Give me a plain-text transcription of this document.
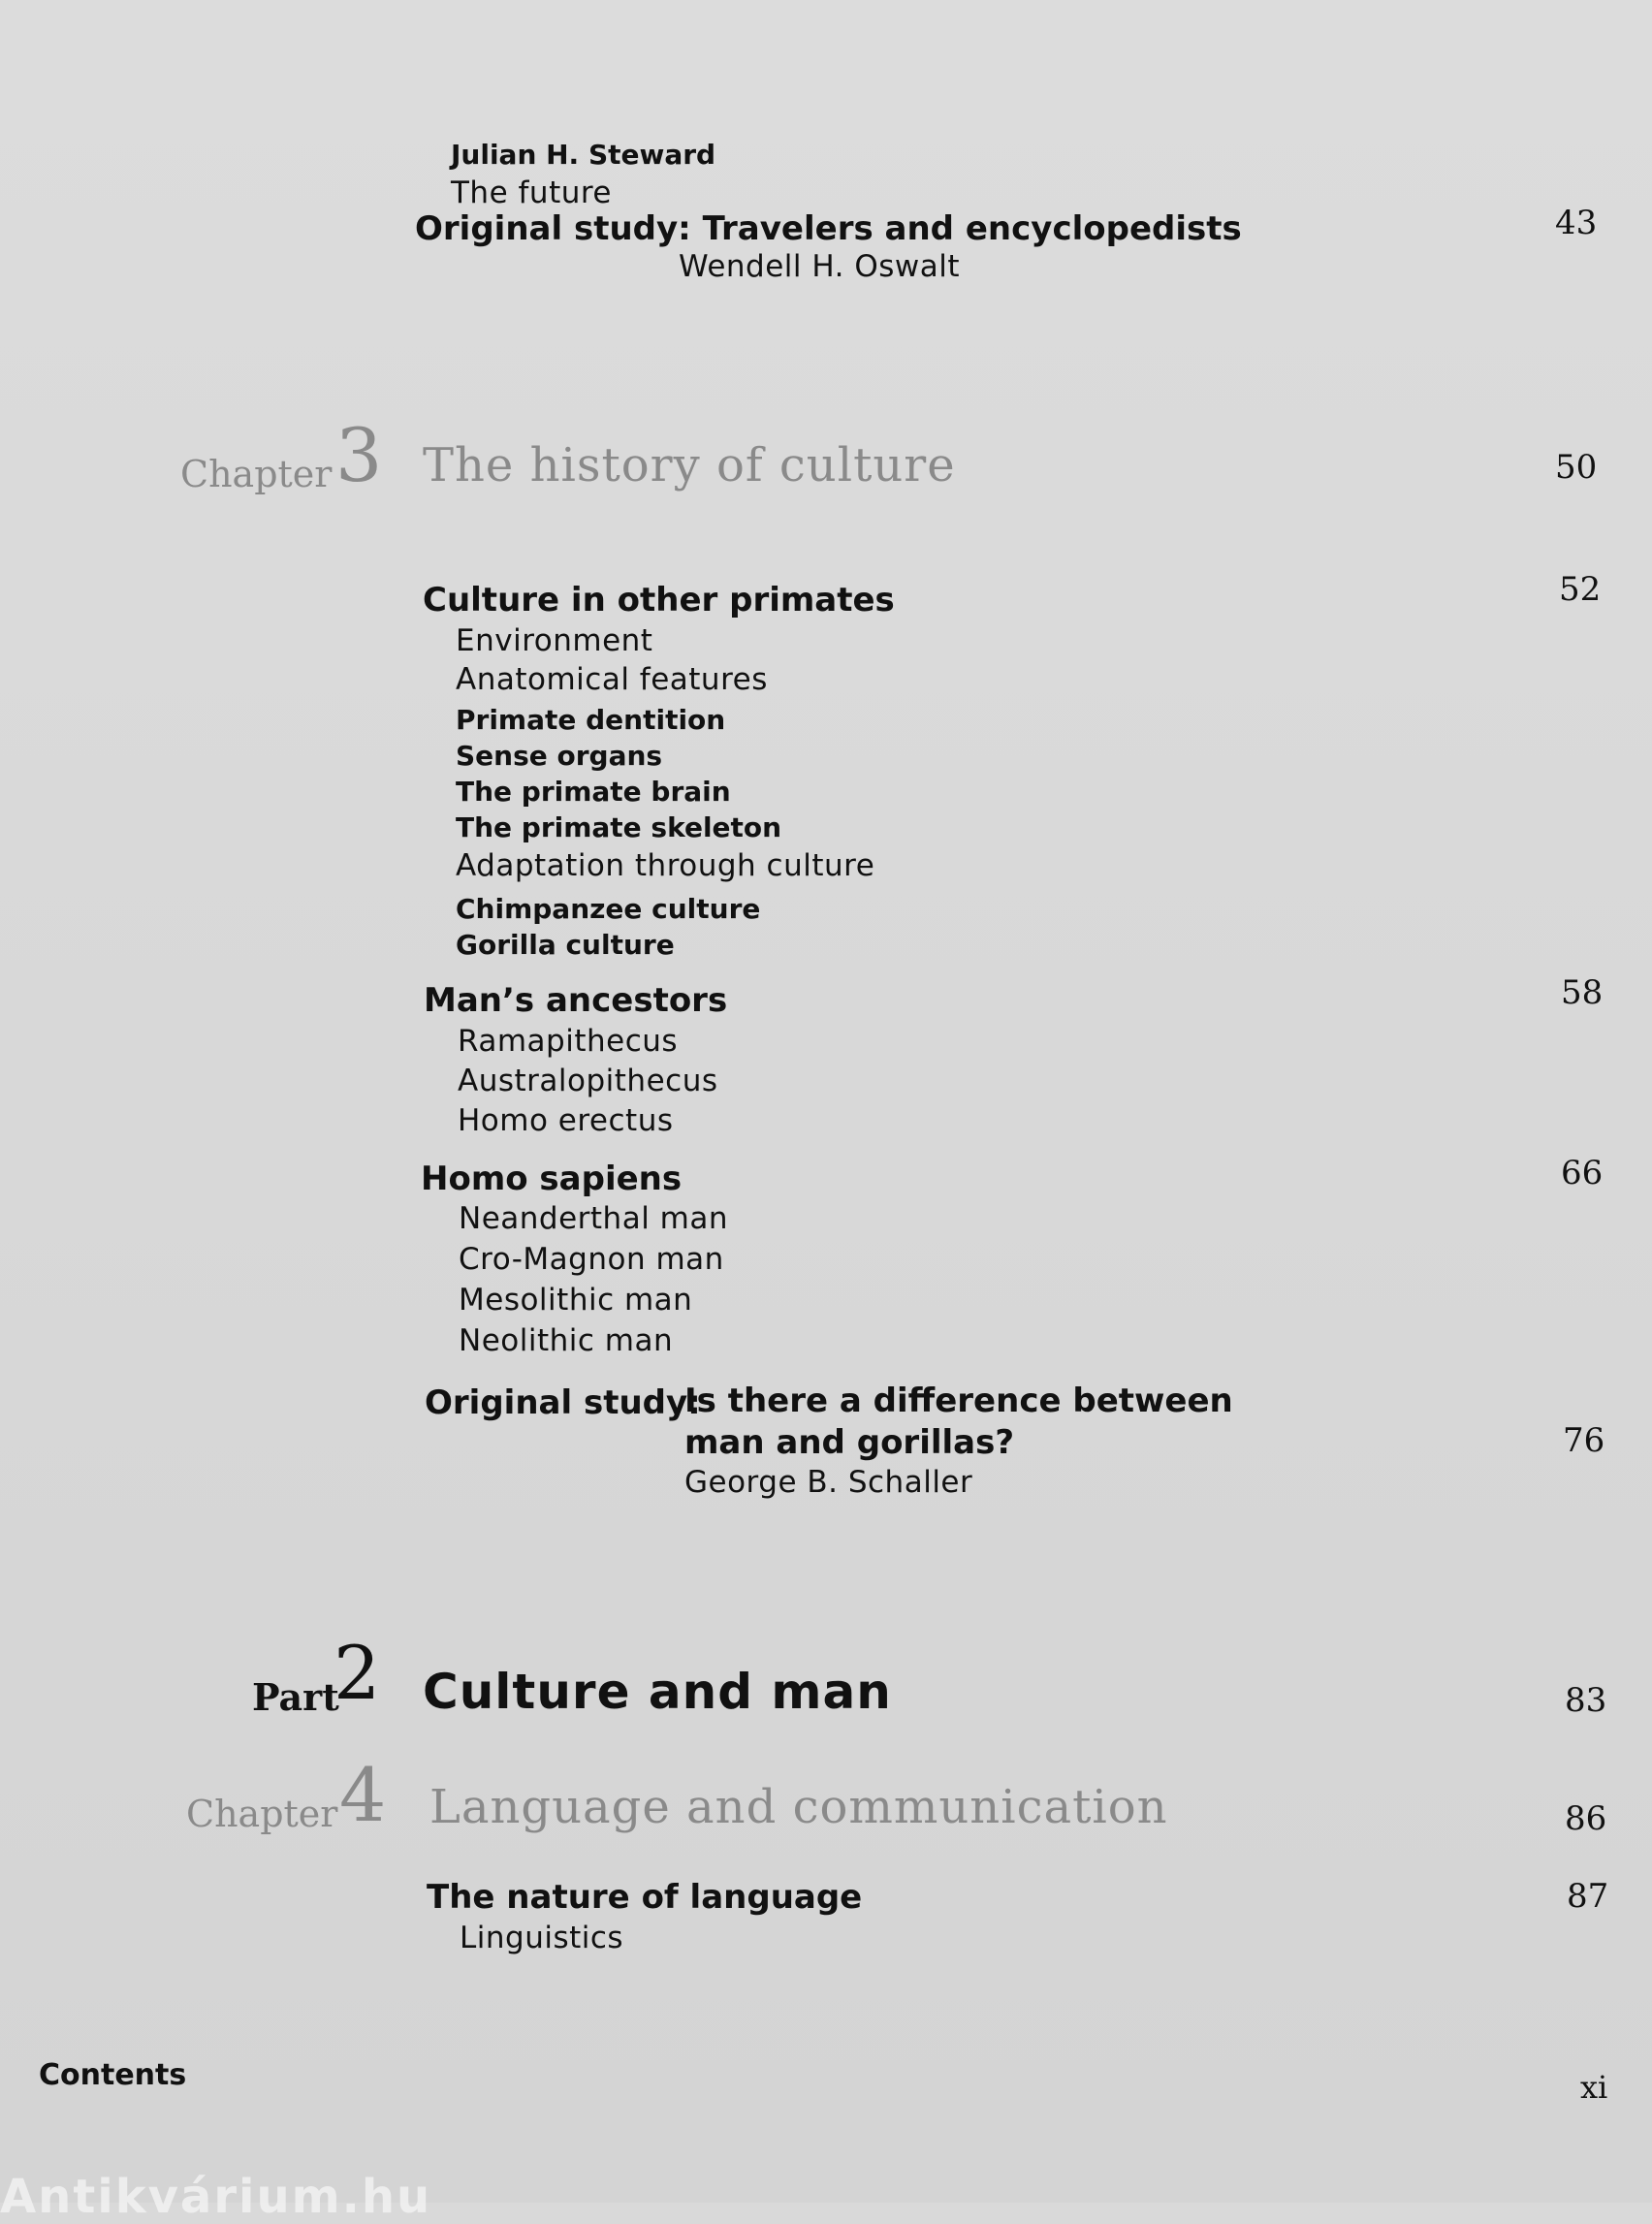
Julian H. Steward
The future
Original study: Travelers and encyclopedists	43
Wendell H. Oswalt
Chapter 3 The history of culture	50
Culture in other primates	52
Environment
Anatomical features
Primate dentition
Sense organs
The primate brain
The primate skeleton
Adaptation through culture
Chimpanzee culture
Gorilla culture
Man’s ancestors	58
Ramapithecus
Australopithecus
Homo erectus
Homo sapiens	66
Neanderthal man
Cro-Magnon man
Mesolithic man
Neolithic man
Original study:
Is there a difference between
man and gorillas?	76
George B. Schaller
Part
2 Culture and man	83
Chapter 4 Language and communication	86
The nature of language	87
Linguistics
Contents	xi
Antikvárium.hu
